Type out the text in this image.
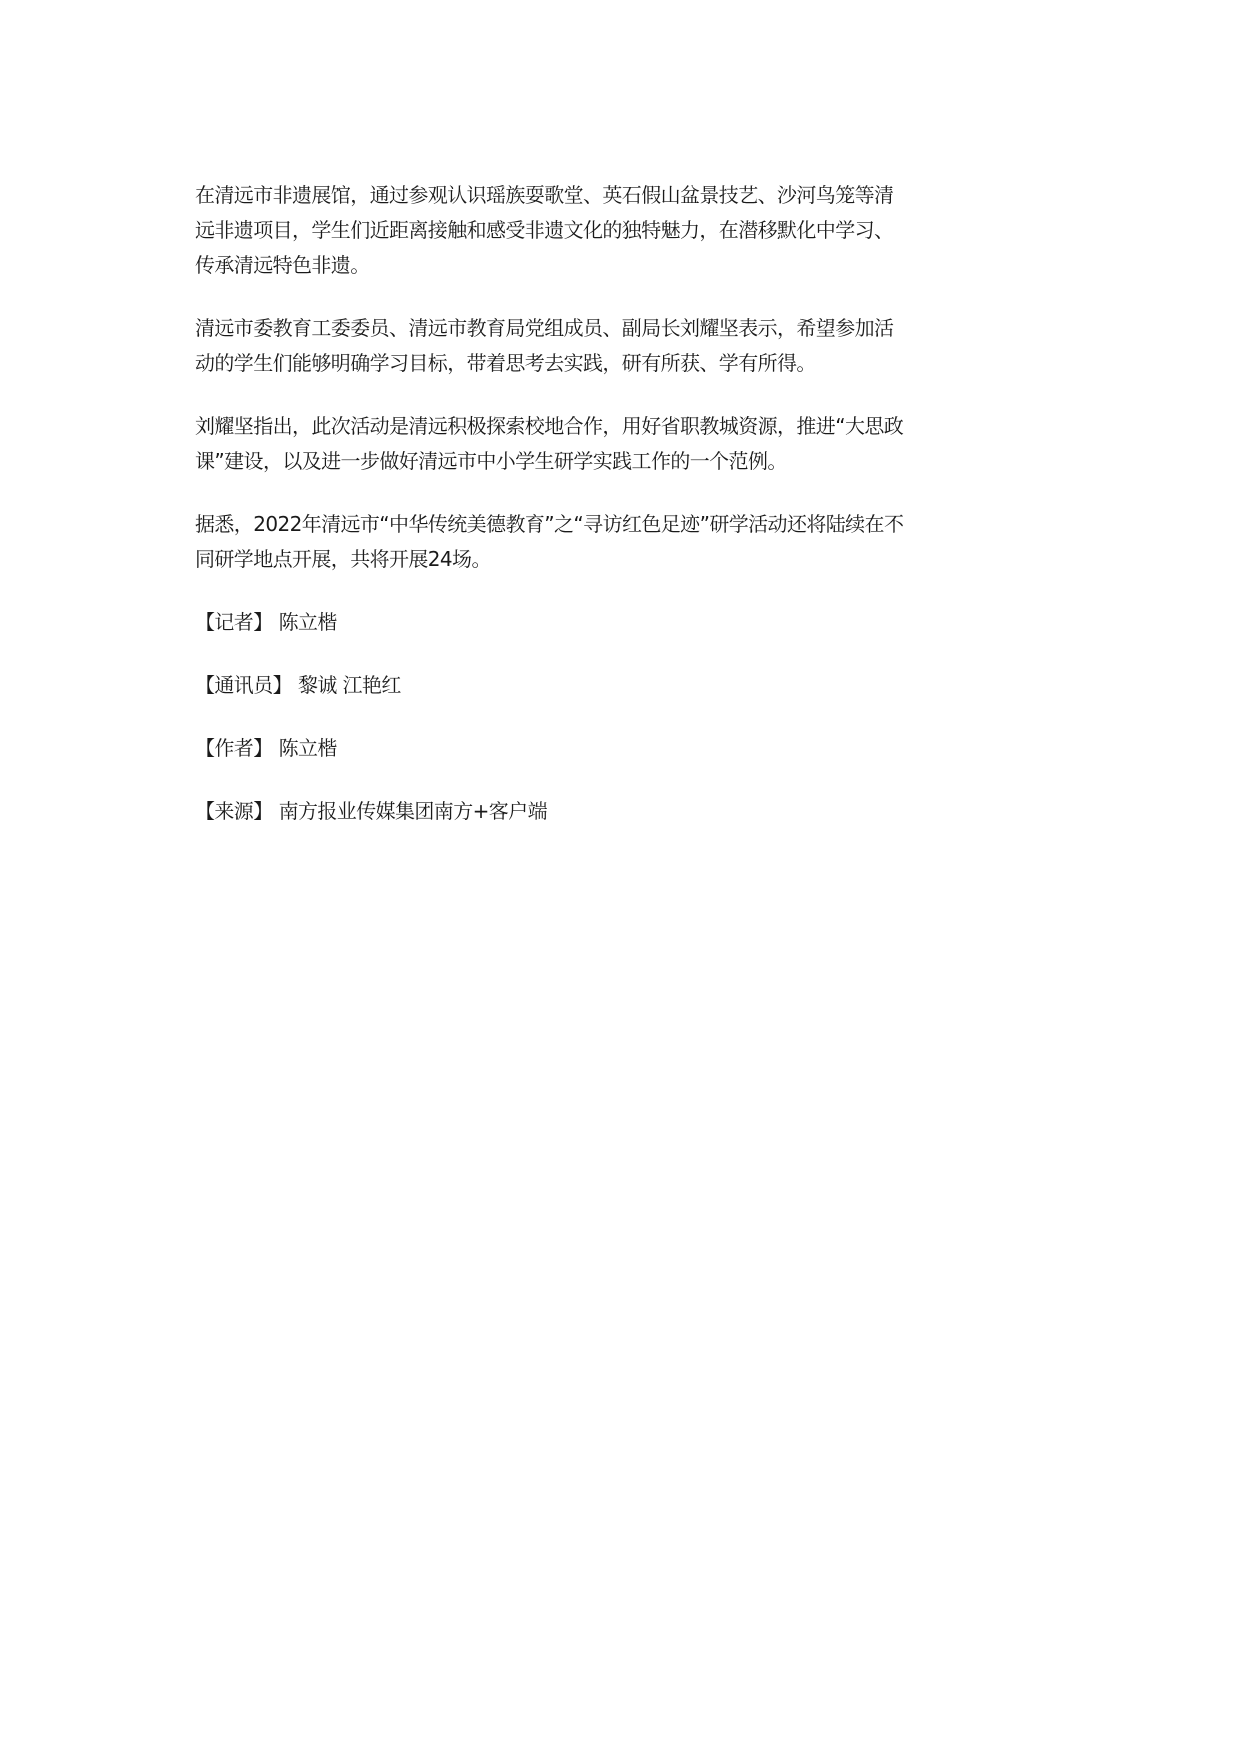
在清远市非遗展馆，通过参观认识瑶族耍歌堂、英石假山盆景技艺、沙河鸟笼等清
远非遗项目，学生们近距离接触和感受非遗文化的独特魅力，在潜移默化中学习、
传承清远特色非遗。

清远市委教育工委委员、清远市教育局党组成员、副局长刘耀坚表示，希望参加活
动的学生们能够明确学习目标，带着思考去实践，研有所获、学有所得。

刘耀坚指出，此次活动是清远积极探索校地合作，用好省职教城资源，推进“大思政
课”建设，以及进一步做好清远市中小学生研学实践工作的一个范例。

据悉，2022年清远市“中华传统美德教育”之“寻访红色足迹”研学活动还将陆续在不
同研学地点开展，共将开展24场。

【记者】 陈立楷
【通讯员】 黎诚 江艳红
【作者】 陈立楷
【来源】 南方报业传媒集团南方+客户端
